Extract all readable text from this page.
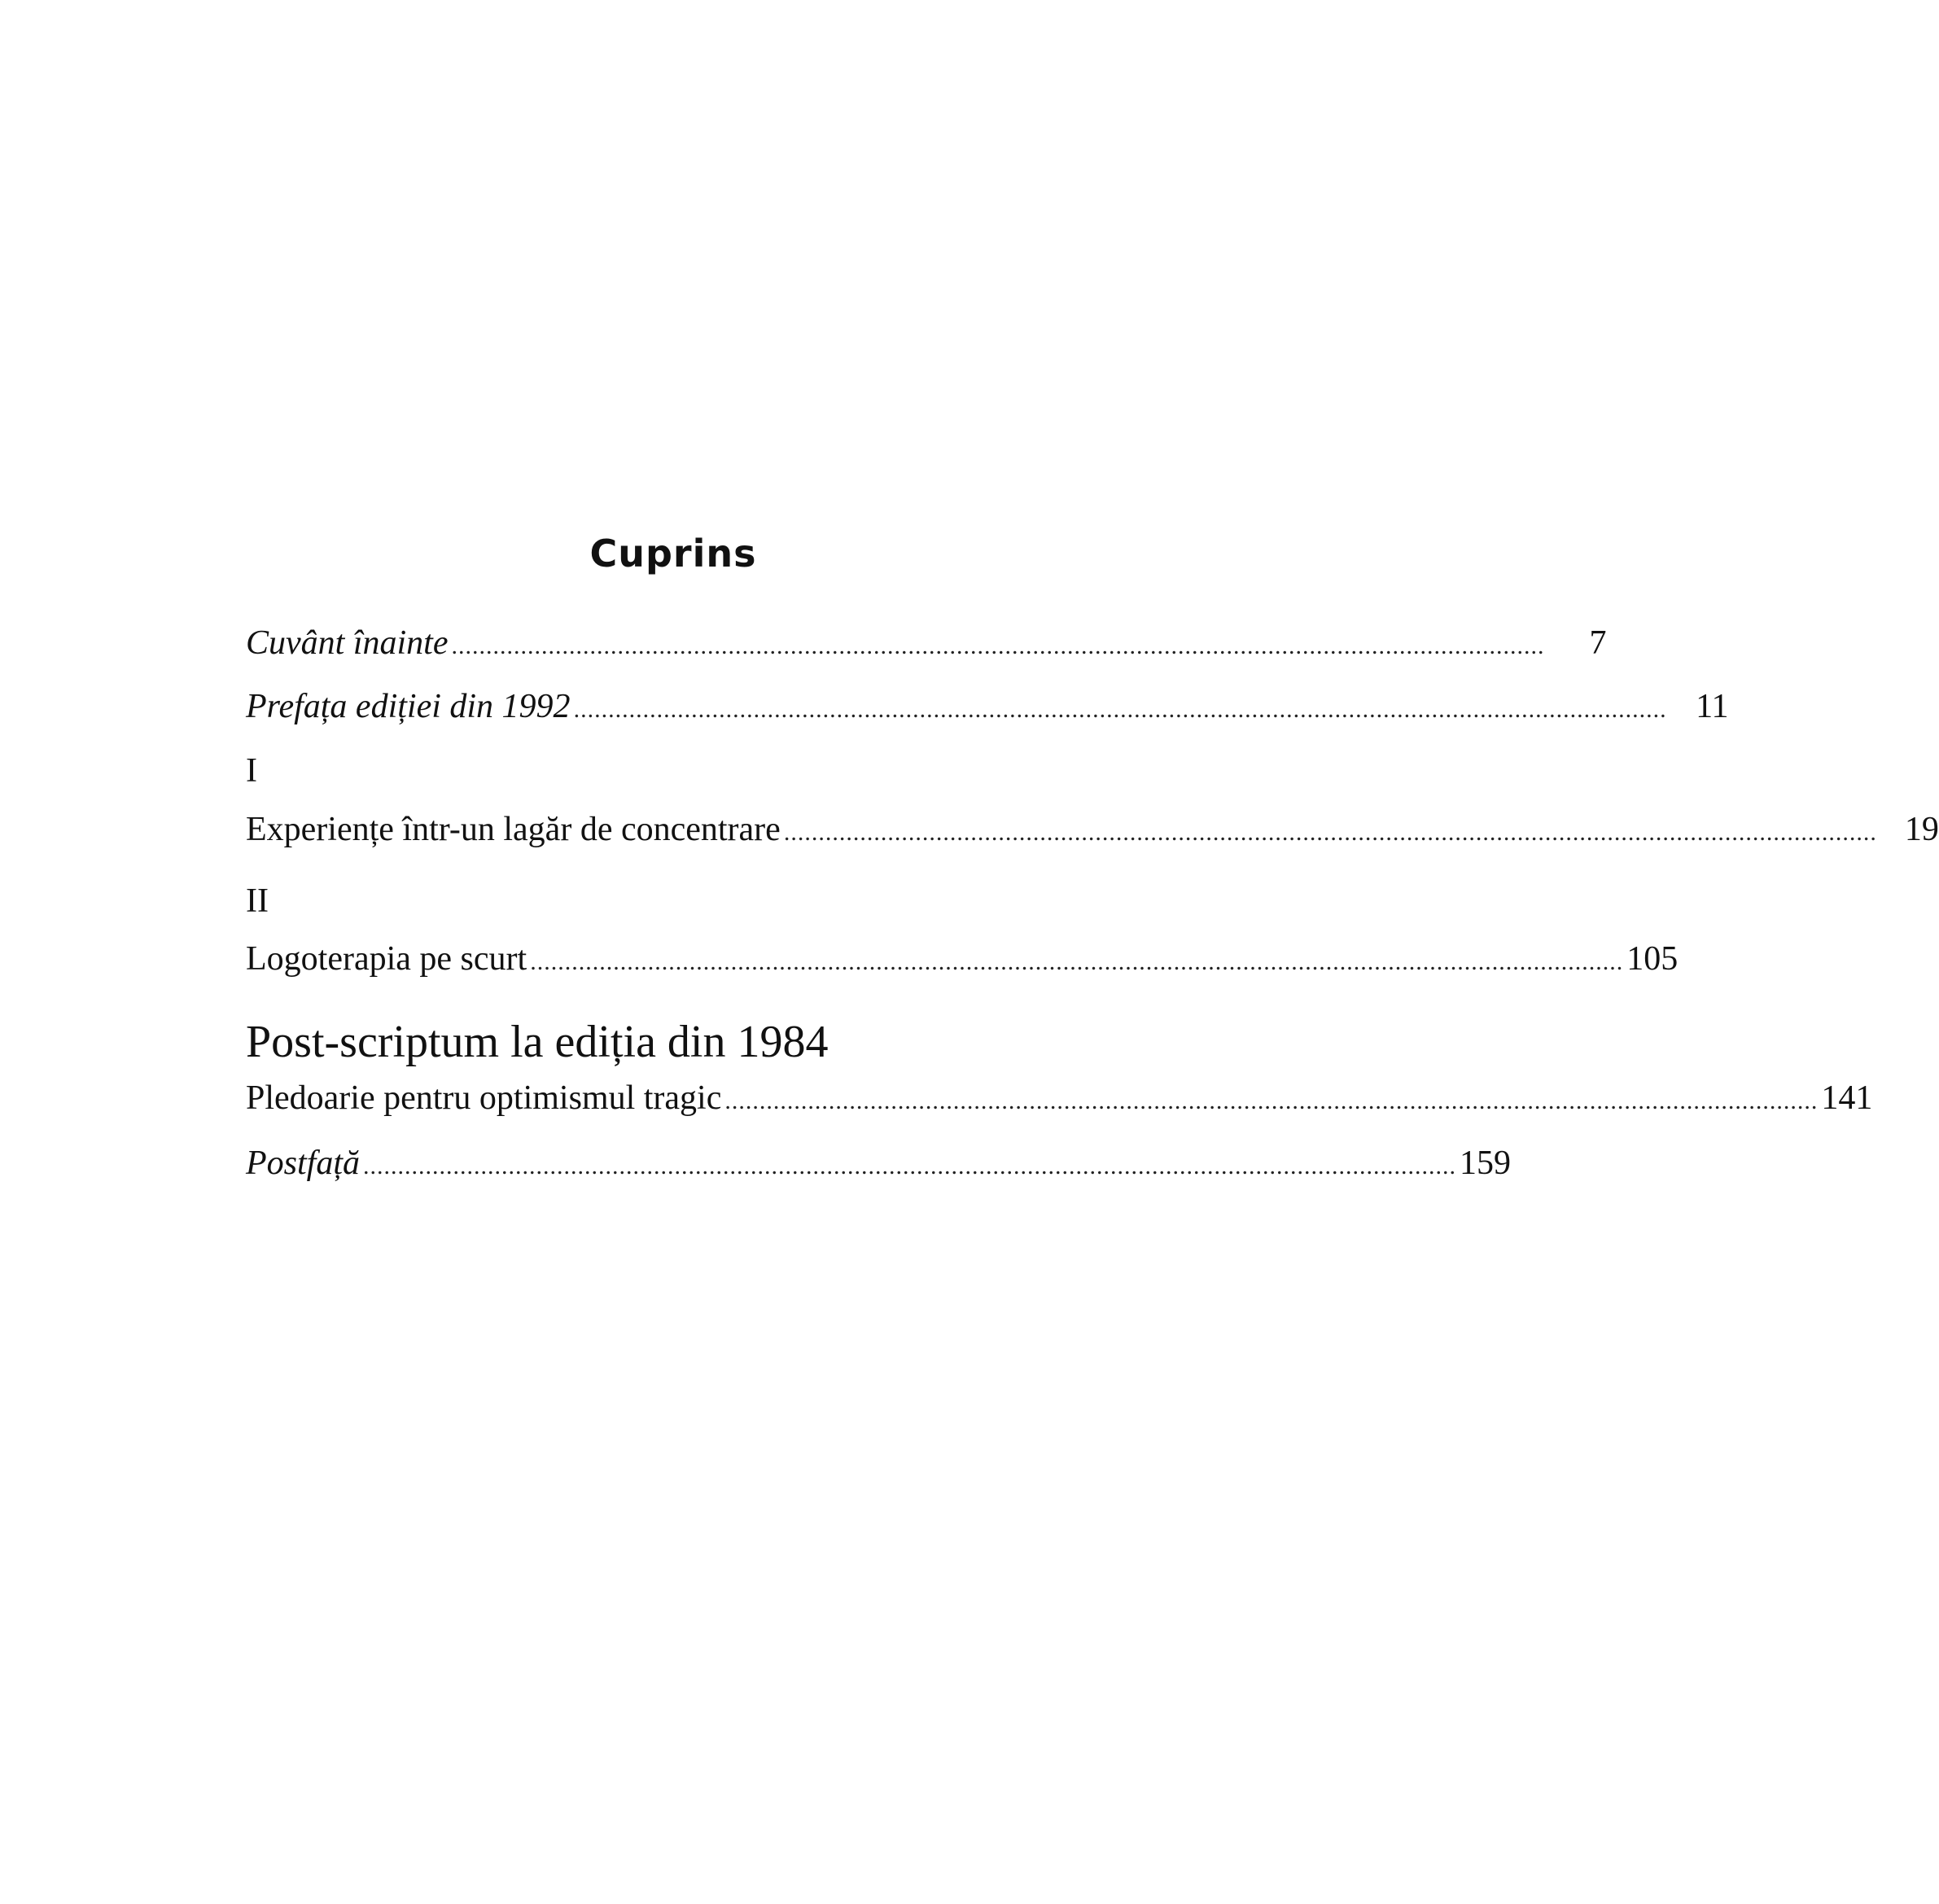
Cuprins
Cuvânt înainte ..............................................................................................................................................................	7
Prefața ediției din 1992 .............................................................................................................................................................. 11
I
Experiențe într-un lagăr de concentrare .............................................................................................................................................................. 19
II
Logoterapia pe scurt .............................................................................................................................................................. 105
Post-scriptum la ediția din 1984
Pledoarie pentru optimismul tragic .............................................................................................................................................................. 141
Postfață .............................................................................................................................................................. 159
